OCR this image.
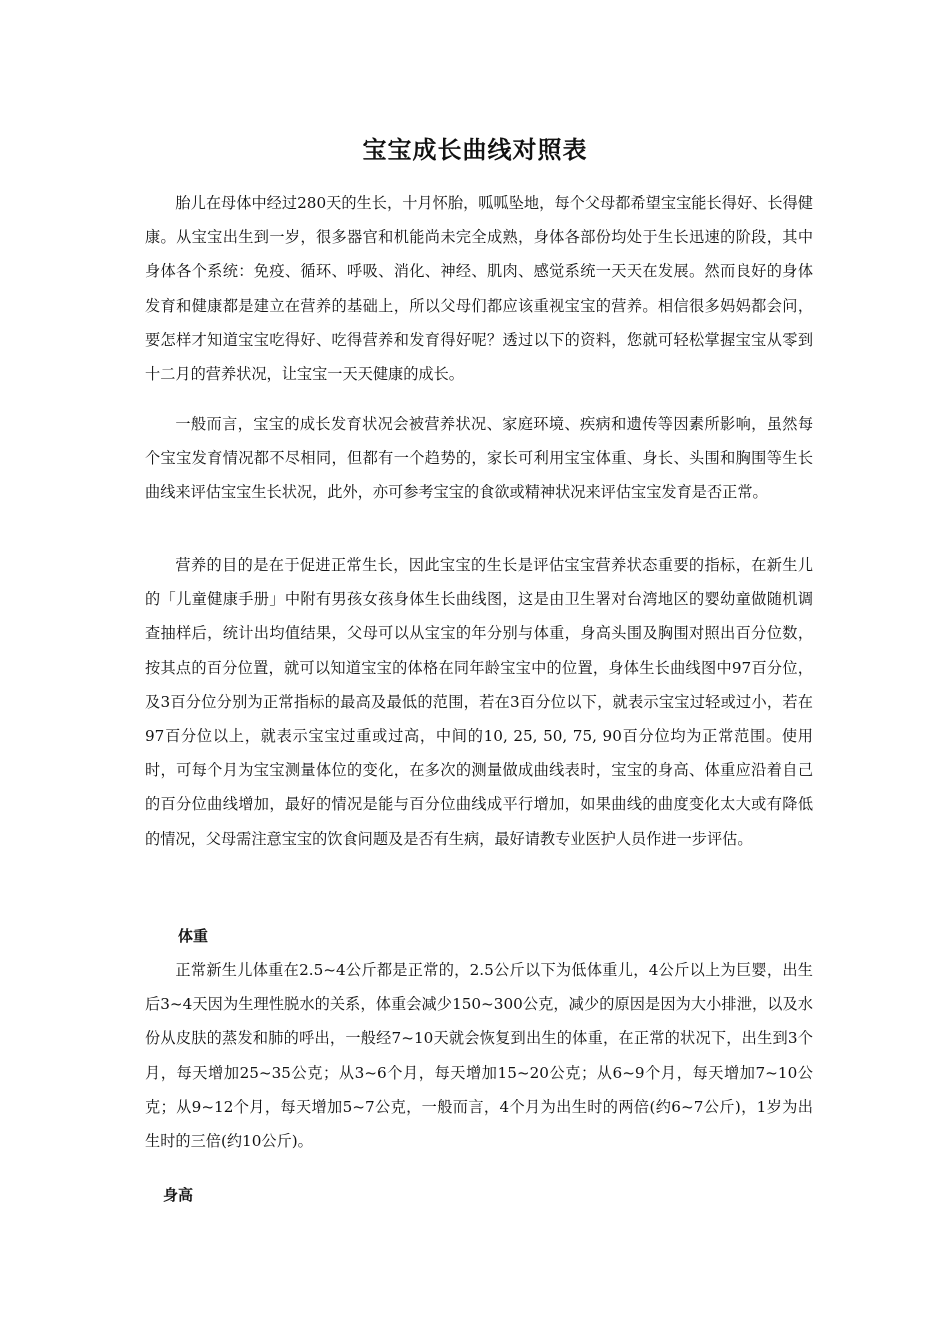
宝宝成长曲线对照表

胎儿在母体中经过280天的生长，十月怀胎，呱呱坠地，每个父母都希望宝宝能长得好、长得健康。从宝宝出生到一岁，很多器官和机能尚未完全成熟，身体各部份均处于生长迅速的阶段，其中身体各个系统：免疫、循环、呼吸、消化、神经、肌肉、感觉系统一天天在发展。然而良好的身体发育和健康都是建立在营养的基础上，所以父母们都应该重视宝宝的营养。相信很多妈妈都会问，要怎样才知道宝宝吃得好、吃得营养和发育得好呢？透过以下的资料，您就可轻松掌握宝宝从零到十二月的营养状况，让宝宝一天天健康的成长。

一般而言，宝宝的成长发育状况会被营养状况、家庭环境、疾病和遗传等因素所影响，虽然每个宝宝发育情况都不尽相同，但都有一个趋势的，家长可利用宝宝体重、身长、头围和胸围等生长曲线来评估宝宝生长状况，此外，亦可参考宝宝的食欲或精神状况来评估宝宝发育是否正常。

营养的目的是在于促进正常生长，因此宝宝的生长是评估宝宝营养状态重要的指标，在新生儿的「儿童健康手册」中附有男孩女孩身体生长曲线图，这是由卫生署对台湾地区的婴幼童做随机调查抽样后，统计出均值结果，父母可以从宝宝的年分别与体重，身高头围及胸围对照出百分位数，按其点的百分位置，就可以知道宝宝的体格在同年龄宝宝中的位置，身体生长曲线图中97百分位，及3百分位分别为正常指标的最高及最低的范围，若在3百分位以下，就表示宝宝过轻或过小，若在97百分位以上，就表示宝宝过重或过高，中间的10, 25, 50, 75, 90百分位均为正常范围。使用时，可每个月为宝宝测量体位的变化，在多次的测量做成曲线表时，宝宝的身高、体重应沿着自己的百分位曲线增加，最好的情况是能与百分位曲线成平行增加，如果曲线的曲度变化太大或有降低的情况，父母需注意宝宝的饮食问题及是否有生病，最好请教专业医护人员作进一步评估。

体重

正常新生儿体重在2.5~4公斤都是正常的，2.5公斤以下为低体重儿，4公斤以上为巨婴，出生后3~4天因为生理性脱水的关系，体重会减少150~300公克，减少的原因是因为大小排泄，以及水份从皮肤的蒸发和肺的呼出，一般经7~10天就会恢复到出生的体重，在正常的状况下，出生到3个月，每天增加25~35公克；从3~6个月，每天增加15~20公克；从6~9个月，每天增加7~10公克；从9~12个月，每天增加5~7公克，一般而言，4个月为出生时的两倍(约6~7公斤)，1岁为出生时的三倍(约10公斤)。

身高
